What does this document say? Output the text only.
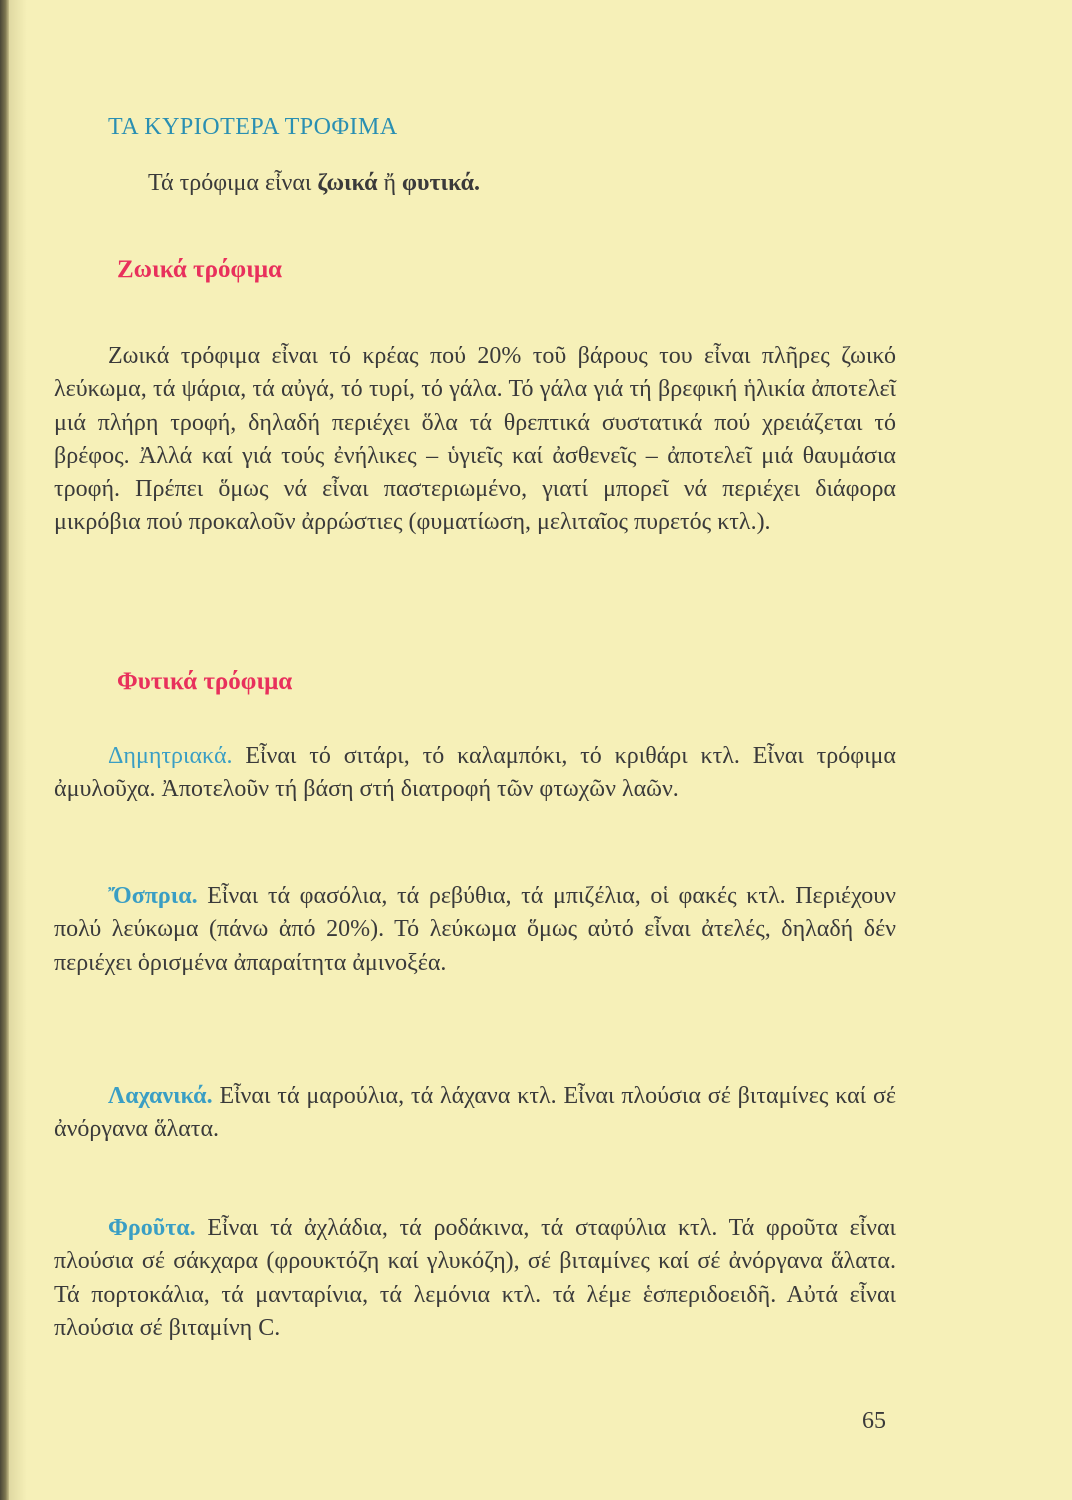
ΤΑ ΚΥΡΙΟΤΕΡΑ ΤΡΟΦΙΜΑ

Τά τρόφιμα εἶναι ζωικά ἤ φυτικά.

Ζωικά τρόφιμα

Ζωικά τρόφιμα εἶναι τό κρέας πού 20% τοῦ βάρους του εἶναι πλῆρες ζωικό λεύκωμα, τά ψάρια, τά αὐγά, τό τυρί, τό γάλα. Τό γάλα γιά τή βρεφική ἡλικία ἀποτελεῖ μιά πλήρη τροφή, δηλαδή περιέχει ὅλα τά θρεπτικά συστατικά πού χρειάζεται τό βρέφος. Ἀλλά καί γιά τούς ἐνήλικες – ὑγιεῖς καί ἀσθενεῖς – ἀποτελεῖ μιά θαυμάσια τροφή. Πρέπει ὅμως νά εἶναι παστεριωμένο, γιατί μπορεῖ νά περιέχει διάφορα μικρόβια πού προκαλοῦν ἀρρώστιες (φυματίωση, μελιταῖος πυρετός κτλ.).

Φυτικά τρόφιμα

Δημητριακά. Εἶναι τό σιτάρι, τό καλαμπόκι, τό κριθάρι κτλ. Εἶναι τρόφιμα ἀμυλοῦχα. Ἀποτελοῦν τή βάση στή διατροφή τῶν φτωχῶν λαῶν.

Ὄσπρια. Εἶναι τά φασόλια, τά ρεβύθια, τά μπιζέλια, οἱ φακές κτλ. Περιέχουν πολύ λεύκωμα (πάνω ἀπό 20%). Τό λεύκωμα ὅμως αὐτό εἶναι ἀτελές, δηλαδή δέν περιέχει ὁρισμένα ἀπαραίτητα ἀμινοξέα.

Λαχανικά. Εἶναι τά μαρούλια, τά λάχανα κτλ. Εἶναι πλούσια σέ βιταμίνες καί σέ ἀνόργανα ἅλατα.

Φροῦτα. Εἶναι τά ἀχλάδια, τά ροδάκινα, τά σταφύλια κτλ. Τά φροῦτα εἶναι πλούσια σέ σάκχαρα (φρουκτόζη καί γλυκόζη), σέ βιταμίνες καί σέ ἀνόργανα ἅλατα. Τά πορτοκάλια, τά μανταρίνια, τά λεμόνια κτλ. τά λέμε ἑσπεριδοειδῆ. Αὐτά εἶναι πλούσια σέ βιταμίνη C.

65
